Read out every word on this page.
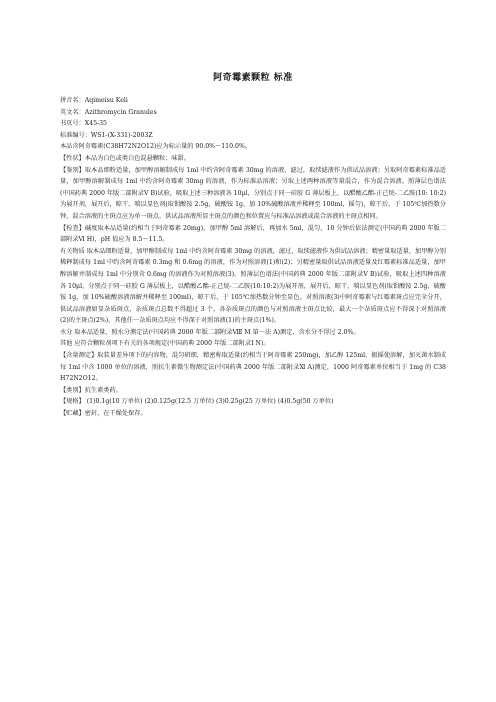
阿奇霉素颗粒 标准

拼音名：Aqimeisu Keli

英文名：Azithromycin Granules

书页号：X45-35

标准编号：WS1-(X-331)-2003Z

本品含阿奇霉素(C38H72N2O12)应为标示量的 90.0%～110.0%。

【性状】本品为白色或类白色混悬颗粒；味甜。

【鉴别】取本品细粉适量，加甲醇溶解制成每 1ml 中约含阿奇霉素 30mg 的溶液，滤过，取续滤液作为供试品溶液；另取阿奇霉素标准品适量，加甲醇溶解制成每 1ml 中约含阿奇霉素 30mg 的溶液，作为标准品溶液；另取上述两种溶液等量混合，作为混合溶液。照薄层色谱法(中国药典 2000 年版二部附录Ⅴ B)试验，吸取上述三种溶液各 10μl，分别点于同一硅胶 G 薄层板上，以醋酸乙酯-正己烷-二乙胺(10: 10:2)为展开剂，展开后，晾干，喷以显色剂(取钼酸铵 2.5g，硫酸铵 1g，加 10%硫酸溶液并稀释至 100ml，摇匀)，晾干后，于 105℃加热数分钟，混合溶液的主斑点应为单一斑点，供试品溶液所显主斑点的颜色和位置应与标准品溶液或混合溶液的主斑点相同。

【检查】碱度取本品适量(约相当于阿奇霉素 20mg)，加甲醇 5ml 溶解后，再加水 5ml，混匀，10 分钟后依法测定(中国药典 2000 年版二部附录Ⅵ H)，pH 值应为 8.5～11.5。

有关物质 取本品细粉适量，加甲醇制成每 1ml 中约含阿奇霉素 30mg 的溶液，滤过，取续滤液作为供试品溶液；精密量取适量，加甲醇分别稀释制成每 1ml 中约含阿奇霉素 0.3mg 和 0.6mg 的溶液，作为对照溶液(1)和(2)；另精密量取供试品溶液适量及红霉素标准品适量，加甲醇溶解并制成每 1ml 中分别含 0.6mg 的溶液作为对照溶液(3)。照薄层色谱法(中国药典 2000 年版二部附录Ⅴ B)试验，吸取上述四种溶液各 10μl，分别点于同一硅胶 G 薄层板上，以醋酸乙酯-正己烷-二乙胺(10:10:2)为展开剂，展开后，晾干，喷以显色剂(取钼酸铵 2.5g，硫酸铵 1g，加 10%硫酸溶液溶解并稀释至 100ml)，晾干后，于 105℃加热数分钟至显色。对照溶液(3)中阿奇霉素与红霉素斑点应完全分开，供试品溶液如显杂质斑点，杂质斑点总数不得超过 3 个，各杂质斑点的颜色与对照溶液主斑点比较，最大一个杂质斑点应不得深于对照溶液(2)的主斑点(2%)，其他任一杂质斑点均应不得深于对照溶液(1)的主斑点(1%)。

水分 取本品适量，照水分测定法(中国药典 2000 年版二部附录Ⅷ M 第一法 A)测定，含水分不得过 2.0%。

其他 应符合颗粒剂项下有关的各项规定(中国药典 2000 年版二部附录Ⅰ N)。

【含量测定】取装量差异项下的内容物，混匀研细，精密称取适量(约相当于阿奇霉素 250mg)，加乙醇 125ml，振摇使溶解，加灭菌水制成每 1ml 中含 1000 单位的溶液，照抗生素微生物测定法(中国药典 2000 年版二部附录Ⅺ A)测定，1000 阿奇霉素单位相当于 1mg 的 C38H72N2O12。

【类别】抗生素类药。

【规格】 (1)0.1g(10 万单位) (2)0.125g(12.5 万单位) (3)0.25g(25 万单位) (4)0.5g(50 万单位)

【贮藏】密封，在干燥处保存。
